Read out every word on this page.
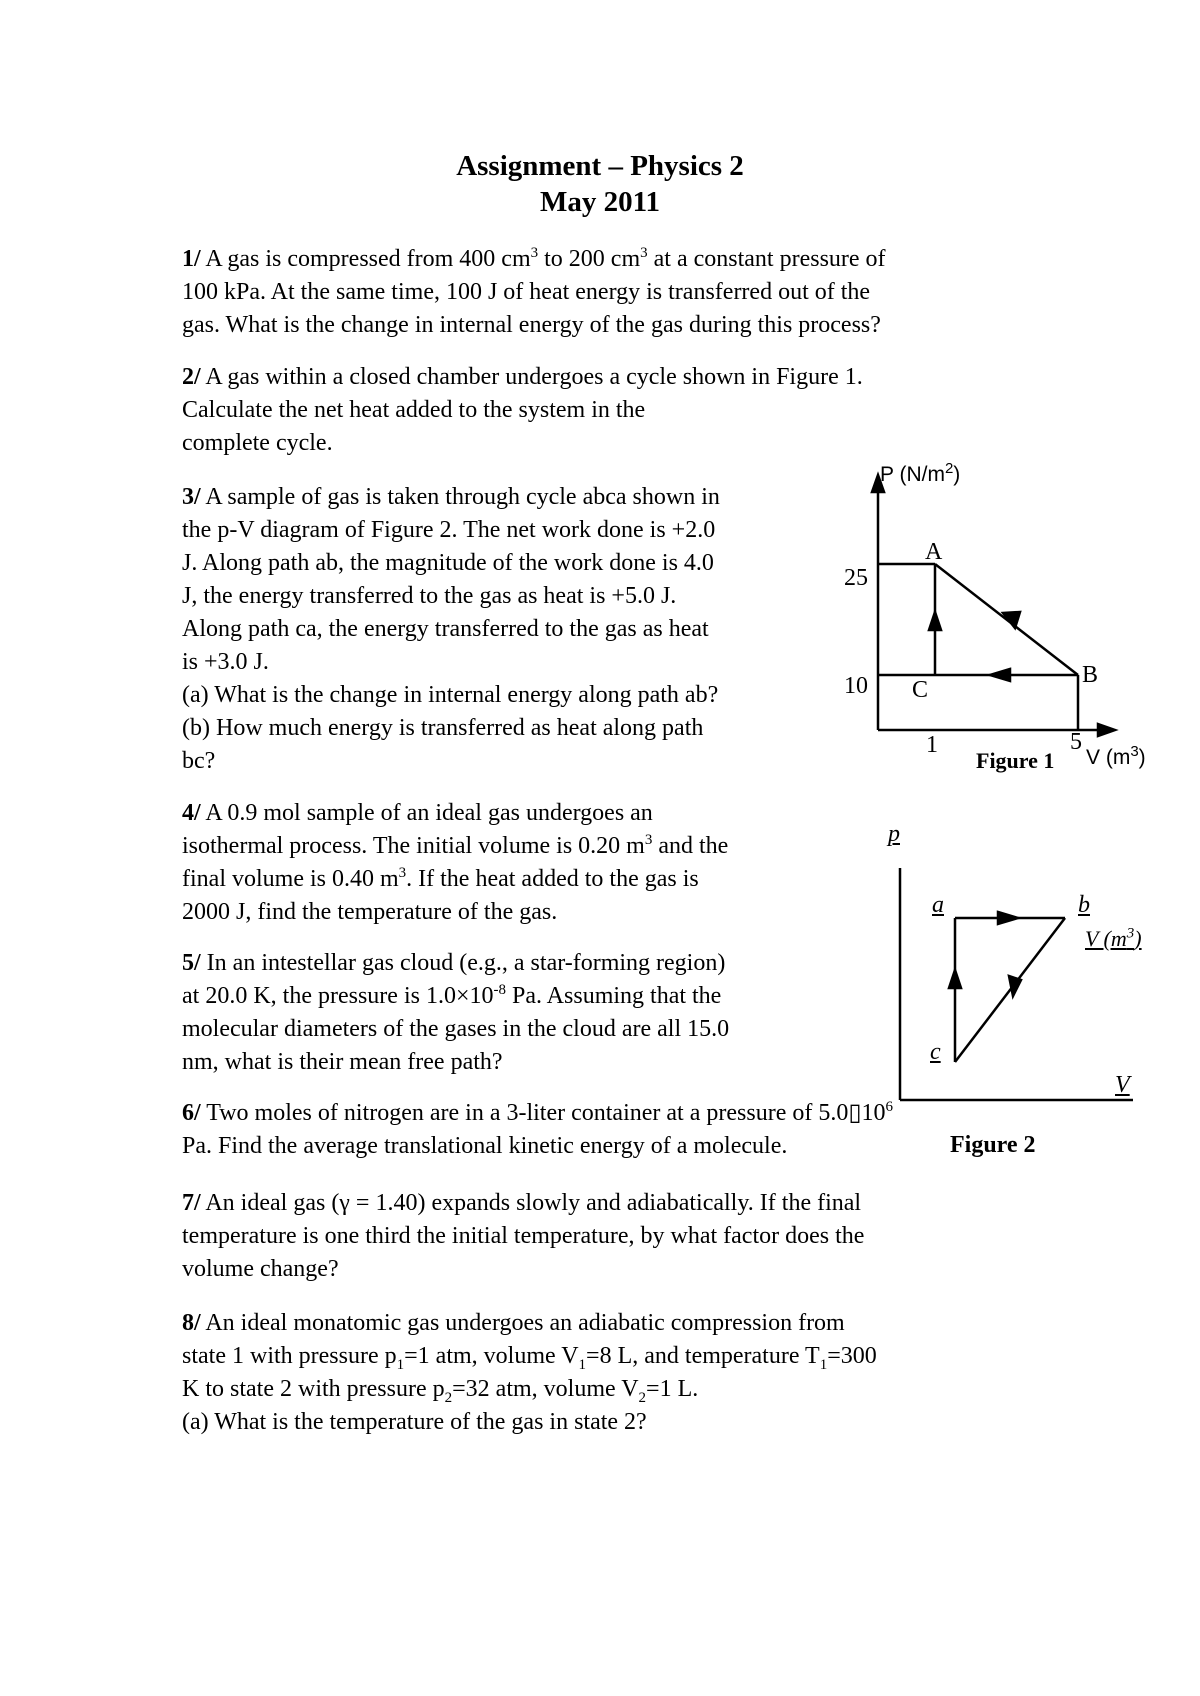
Assignment – Physics 2
May 2011
1/ A gas is compressed from 400 $cm^3$ to 200 $cm^3$ at a constant pressure of
100 kPa. At the same time, 100 J of heat energy is transferred out of the
gas. What is the change in internal energy of the gas during this process?
2/ A gas within a closed chamber undergoes a cycle shown in Figure 1.
Calculate the net heat added to the system in the
complete cycle.
3/ A sample of gas is taken through cycle abca shown in
the p-V diagram of Figure 2. The net work done is +2.0
J. Along path ab, the magnitude of the work done is 4.0
J, the energy transferred to the gas as heat is +5.0 J.
Along path ca, the energy transferred to the gas as heat
is +3.0 J.
(a) What is the change in internal energy along path ab?
(b) How much energy is transferred as heat along path
bc?
4/ A 0.9 mol sample of an ideal gas undergoes an
isothermal process. The initial volume is 0.20 $m^3$ and the
final volume is 0.40 $m^3$. If the heat added to the gas is
2000 J, find the temperature of the gas.
5/ In an intestellar gas cloud (e.g., a star-forming region)
at 20.0 K, the pressure is $1.0\times 10^{-8}$ Pa. Assuming that the
molecular diameters of the gases in the cloud are all 15.0
nm, what is their mean free path?
6/ Two moles of nitrogen are in a 3-liter container at a pressure of $5.0▯10^6$
Pa. Find the average translational kinetic energy of a molecule.
7/ An ideal gas (γ = 1.40) expands slowly and adiabatically. If the final
temperature is one third the initial temperature, by what factor does the
volume change?
8/ An ideal monatomic gas undergoes an adiabatic compression from
state 1 with pressure $p_1=1$ atm, volume $V_1=8$ L, and temperature $T_1=300$
K to state 2 with pressure $p_2=32$ atm, volume $V_2=1$ L.
(a) What is the temperature of the gas in state 2?
P $(N/m^2)$
25
10
A
B
C
1	5
Figure 1 V $(m^3)$
p
a	b
V $(m^3)$
c
V
Figure 2
